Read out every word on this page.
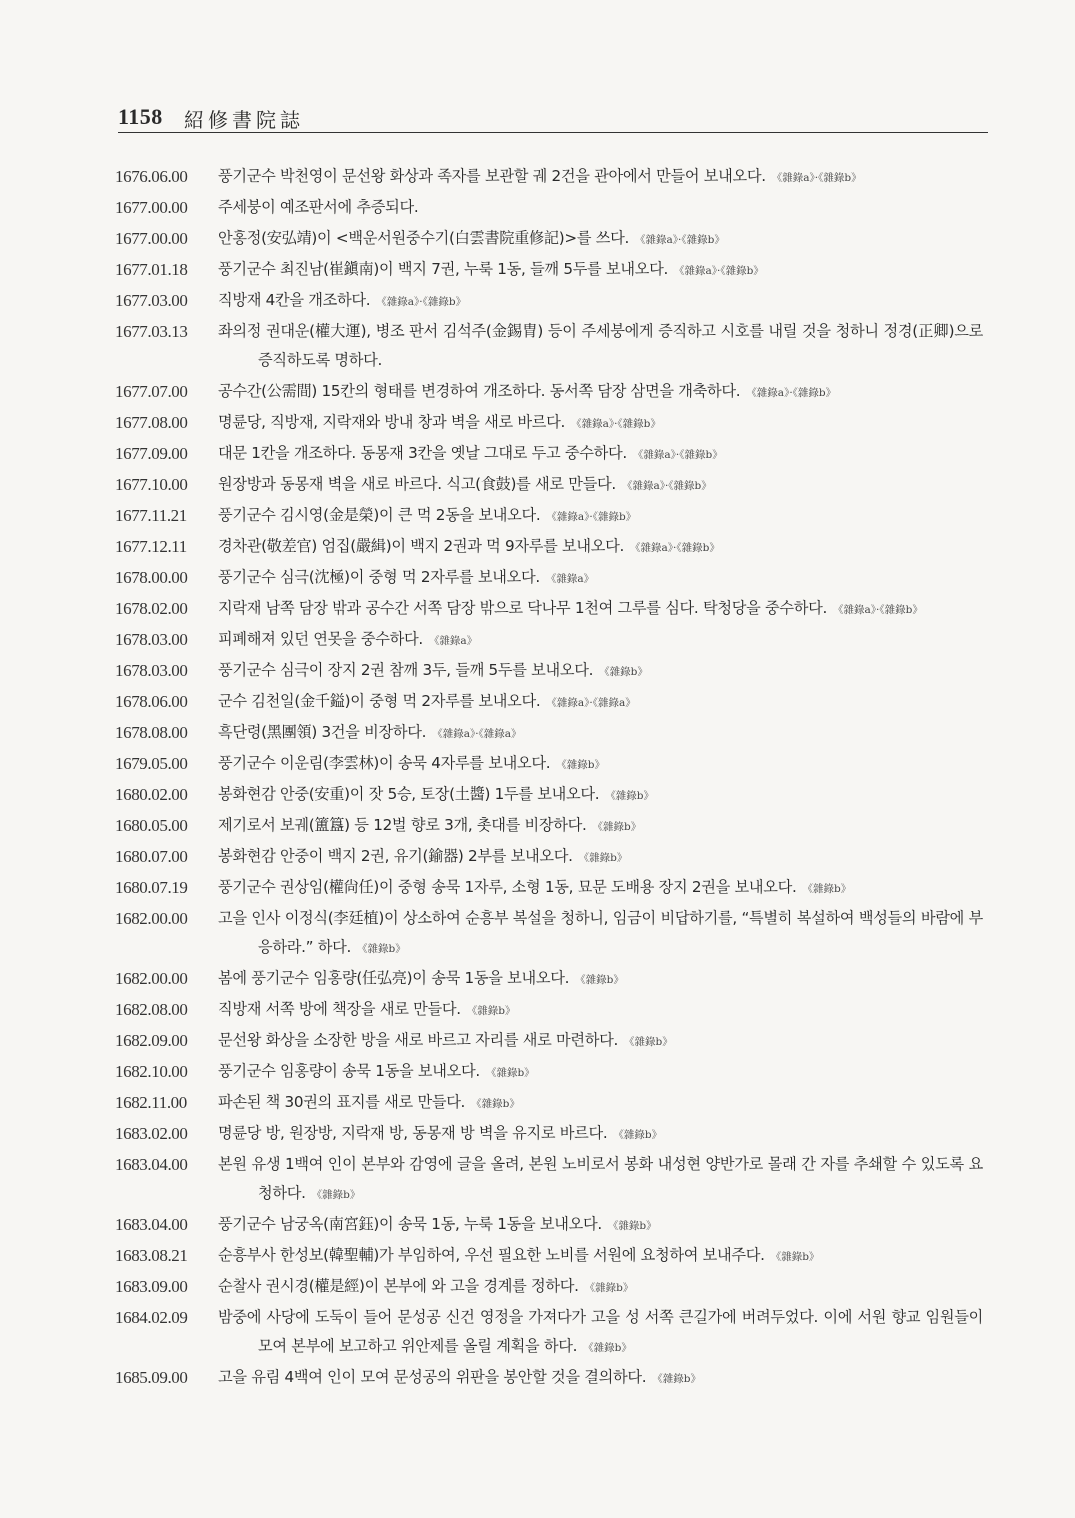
1158 紹修書院誌
1676.06.00	풍기군수 박천영이 문선왕 화상과 족자를 보관할 궤 2건을 관아에서 만들어 보내오다. 《雜錄a》·《雜錄b》
1677.00.00	주세붕이 예조판서에 추증되다.
1677.00.00	안홍정(安弘靖)이 <백운서원중수기(白雲書院重修記)>를 쓰다. 《雜錄a》·《雜錄b》
1677.01.18	풍기군수 최진남(崔鎭南)이 백지 7권, 누룩 1동, 들깨 5두를 보내오다. 《雜錄a》·《雜錄b》
1677.03.00	직방재 4칸을 개조하다. 《雜錄a》·《雜錄b》
1677.03.13	좌의정 권대운(權大運), 병조 판서 김석주(金錫胄) 등이 주세붕에게 증직하고 시호를 내릴 것을 청하니 정경(正卿)으로 증직하도록 명하다.
1677.07.00	공수간(公需間) 15칸의 형태를 변경하여 개조하다. 동서쪽 담장 삼면을 개축하다. 《雜錄a》·《雜錄b》
1677.08.00	명륜당, 직방재, 지락재와 방내 창과 벽을 새로 바르다. 《雜錄a》·《雜錄b》
1677.09.00	대문 1칸을 개조하다. 동몽재 3칸을 옛날 그대로 두고 중수하다. 《雜錄a》·《雜錄b》
1677.10.00	원장방과 동몽재 벽을 새로 바르다. 식고(食鼓)를 새로 만들다. 《雜錄a》·《雜錄b》
1677.11.21	풍기군수 김시영(金是榮)이 큰 먹 2동을 보내오다. 《雜錄a》·《雜錄b》
1677.12.11	경차관(敬差官) 엄집(嚴緝)이 백지 2권과 먹 9자루를 보내오다. 《雜錄a》·《雜錄b》
1678.00.00	풍기군수 심극(沈極)이 중형 먹 2자루를 보내오다. 《雜錄a》
1678.02.00	지락재 남쪽 담장 밖과 공수간 서쪽 담장 밖으로 닥나무 1천여 그루를 심다. 탁청당을 중수하다. 《雜錄a》·《雜錄b》
1678.03.00	피폐해져 있던 연못을 중수하다. 《雜錄a》
1678.03.00	풍기군수 심극이 장지 2권 참깨 3두, 들깨 5두를 보내오다. 《雜錄b》
1678.06.00	군수 김천일(金千鎰)이 중형 먹 2자루를 보내오다. 《雜錄a》·《雜錄a》
1678.08.00	흑단령(黑團領) 3건을 비장하다. 《雜錄a》·《雜錄a》
1679.05.00	풍기군수 이운림(李雲林)이 송묵 4자루를 보내오다. 《雜錄b》
1680.02.00	봉화현감 안중(安重)이 잣 5승, 토장(土醬) 1두를 보내오다. 《雜錄b》
1680.05.00	제기로서 보궤(簠簋) 등 12벌 향로 3개, 촛대를 비장하다. 《雜錄b》
1680.07.00	봉화현감 안중이 백지 2권, 유기(鍮器) 2부를 보내오다. 《雜錄b》
1680.07.19	풍기군수 권상임(權尙任)이 중형 송묵 1자루, 소형 1동, 묘문 도배용 장지 2권을 보내오다. 《雜錄b》
1682.00.00	고을 인사 이정식(李廷植)이 상소하여 순흥부 복설을 청하니, 임금이 비답하기를, “특별히 복설하여 백성들의 바람에 부응하라.” 하다. 《雜錄b》
1682.00.00	봄에 풍기군수 임홍량(任弘亮)이 송묵 1동을 보내오다. 《雜錄b》
1682.08.00	직방재 서쪽 방에 책장을 새로 만들다. 《雜錄b》
1682.09.00	문선왕 화상을 소장한 방을 새로 바르고 자리를 새로 마련하다. 《雜錄b》
1682.10.00	풍기군수 임홍량이 송묵 1동을 보내오다. 《雜錄b》
1682.11.00	파손된 책 30권의 표지를 새로 만들다. 《雜錄b》
1683.02.00	명륜당 방, 원장방, 지락재 방, 동몽재 방 벽을 유지로 바르다. 《雜錄b》
1683.04.00	본원 유생 1백여 인이 본부와 감영에 글을 올려, 본원 노비로서 봉화 내성현 양반가로 몰래 간 자를 추쇄할 수 있도록 요청하다. 《雜錄b》
1683.04.00	풍기군수 남궁옥(南宮鈺)이 송묵 1동, 누룩 1동을 보내오다. 《雜錄b》
1683.08.21	순흥부사 한성보(韓聖輔)가 부임하여, 우선 필요한 노비를 서원에 요청하여 보내주다. 《雜錄b》
1683.09.00	순찰사 권시경(權是經)이 본부에 와 고을 경계를 정하다. 《雜錄b》
1684.02.09	밤중에 사당에 도둑이 들어 문성공 신건 영정을 가져다가 고을 성 서쪽 큰길가에 버려두었다. 이에 서원 향교 임원들이 모여 본부에 보고하고 위안제를 올릴 계획을 하다. 《雜錄b》
1685.09.00	고을 유림 4백여 인이 모여 문성공의 위판을 봉안할 것을 결의하다. 《雜錄b》
